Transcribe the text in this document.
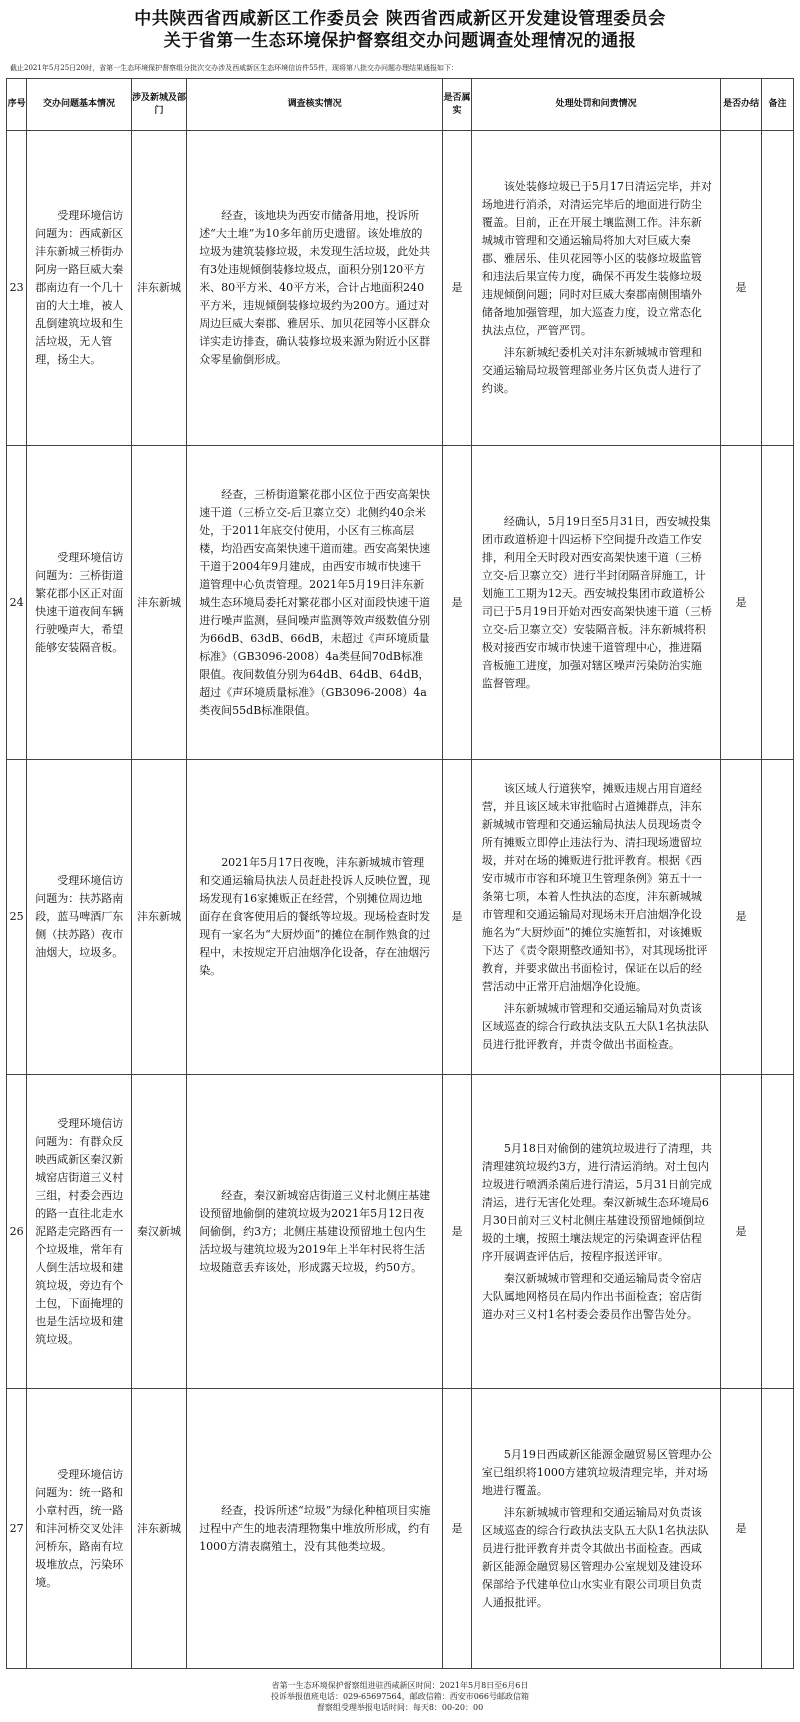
中共陕西省西咸新区工作委员会 陕西省西咸新区开发建设管理委员会
关于省第一生态环境保护督察组交办问题调查处理情况的通报
截止2021年5月25日20时，省第一生态环境保护督察组分批次交办涉及西咸新区生态环境信访件55件，现将第八批交办问题办理结果通报如下：
序号	交办问题基本情况	涉及新城及部门	调查核实情况	是否属实	处理处罚和问责情况	是否办结	备注
23	受理环境信访问题为：西咸新区沣东新城三桥街办阿房一路巨威大秦郡南边有一个几十亩的大土堆，被人乱倒建筑垃圾和生活垃圾，无人管理，扬尘大。	沣东新城	经查，该地块为西安市储备用地，投诉所述“大土堆”为10多年前历史遗留。该处堆放的垃圾为建筑装修垃圾，未发现生活垃圾，此处共有3处违规倾倒装修垃圾点，面积分别120平方米、80平方米、40平方米，合计占地面积240平方米，违规倾倒装修垃圾约为200方。通过对周边巨威大秦郡、雅居乐、加贝花园等小区群众详实走访排查，确认装修垃圾来源为附近小区群众零星偷倒形成。	是	该处装修垃圾已于5月17日清运完毕，并对场地进行消杀，对清运完毕后的地面进行防尘覆盖。目前，正在开展土壤监测工作。沣东新城城市管理和交通运输局将加大对巨威大秦郡、雅居乐、佳贝花园等小区的装修垃圾监管和违法后果宣传力度，确保不再发生装修垃圾违规倾倒问题；同时对巨威大秦郡南侧围墙外储备地加强管理，加大巡查力度，设立常态化执法点位，严管严罚。

沣东新城纪委机关对沣东新城城市管理和交通运输局垃圾管理部业务片区负责人进行了约谈。	是	
24	受理环境信访问题为：三桥街道繁花郡小区正对面快速干道夜间车辆行驶噪声大，希望能够安装隔音板。	沣东新城	经查，三桥街道繁花郡小区位于西安高架快速干道（三桥立交-后卫寨立交）北侧约40余米处，于2011年底交付使用，小区有三栋高层楼，均沿西安高架快速干道而建。西安高架快速干道于2004年9月建成，由西安市城市快速干道管理中心负责管理。2021年5月19日沣东新城生态环境局委托对繁花郡小区对面段快速干道进行噪声监测，昼间噪声监测等效声级数值分别为66dB、63dB、66dB，未超过《声环境质量标准》（GB3096-2008）4a类昼间70dB标准限值。夜间数值分别为64dB、64dB、64dB，超过《声环境质量标准》（GB3096-2008）4a类夜间55dB标准限值。	是	经确认，5月19日至5月31日，西安城投集团市政道桥迎十四运桥下空间提升改造工作安排，利用全天时段对西安高架快速干道（三桥立交-后卫寨立交）进行半封闭隔音屏施工，计划施工工期为12天。西安城投集团市政道桥公司已于5月19日开始对西安高架快速干道（三桥立交-后卫寨立交）安装隔音板。沣东新城将积极对接西安市城市快速干道管理中心，推进隔音板施工进度，加强对辖区噪声污染防治实施监督管理。	是	
25	受理环境信访问题为：扶苏路南段，蓝马啤酒厂东侧（扶苏路）夜市油烟大，垃圾多。	沣东新城	2021年5月17日夜晚，沣东新城城市管理和交通运输局执法人员赶赴投诉人反映位置，现场发现有16家摊贩正在经营，个别摊位周边地面存在食客使用后的餐纸等垃圾。现场检查时发现有一家名为“大厨炒面”的摊位在制作熟食的过程中，未按规定开启油烟净化设备，存在油烟污染。	是	该区域人行道狭窄，摊贩违规占用盲道经营，并且该区域未审批临时占道摊群点，沣东新城城市管理和交通运输局执法人员现场责令所有摊贩立即停止违法行为、清扫现场遗留垃圾，并对在场的摊贩进行批评教育。根据《西安市城市市容和环境卫生管理条例》第五十一条第七项，本着人性执法的态度，沣东新城城市管理和交通运输局对现场未开启油烟净化设施名为“大厨炒面”的摊位实施暂扣，对该摊贩下达了《责令限期整改通知书》，对其现场批评教育，并要求做出书面检讨，保证在以后的经营活动中正常开启油烟净化设施。

沣东新城城市管理和交通运输局对负责该区域巡查的综合行政执法支队五大队1名执法队员进行批评教育，并责令做出书面检查。	是	
26	受理环境信访问题为：有群众反映西咸新区秦汉新城窑店街道三义村三组，村委会西边的路一直往北走水泥路走完路西有一个垃圾堆，常年有人倒生活垃圾和建筑垃圾，旁边有个土包，下面掩埋的也是生活垃圾和建筑垃圾。	秦汉新城	经查，秦汉新城窑店街道三义村北侧庄基建设预留地偷倒的建筑垃圾为2021年5月12日夜间偷倒，约3方；北侧庄基建设预留地土包内生活垃圾与建筑垃圾为2019年上半年村民将生活垃圾随意丢弃该处，形成露天垃圾，约50方。	是	5月18日对偷倒的建筑垃圾进行了清理，共清理建筑垃圾约3方，进行清运消纳。对土包内垃圾进行喷洒杀菌后进行清运，5月31日前完成清运，进行无害化处理。秦汉新城生态环境局6月30日前对三义村北侧庄基建设预留地倾倒垃圾的土壤，按照土壤法规定的污染调查评估程序开展调查评估后，按程序报送评审。

秦汉新城城市管理和交通运输局责令窑店大队属地网格员在局内作出书面检查；窑店街道办对三义村1名村委会委员作出警告处分。	是	
27	受理环境信访问题为：统一路和小章村西，统一路和沣河桥交叉处沣河桥东，路南有垃圾堆放点，污染环境。	沣东新城	经查，投诉所述“垃圾”为绿化种植项目实施过程中产生的地表清理物集中堆放所形成，约有1000方清表腐殖土，没有其他类垃圾。	是	5月19日西咸新区能源金融贸易区管理办公室已组织将1000方建筑垃圾清理完毕，并对场地进行覆盖。

沣东新城城市管理和交通运输局对负责该区域巡查的综合行政执法支队五大队1名执法队员进行批评教育并责令其做出书面检查。西咸新区能源金融贸易区管理办公室规划及建设环保部给予代建单位山水实业有限公司项目负责人通报批评。	是	
省第一生态环境保护督察组进驻西咸新区时间：2021年5月8日至6月6日
投诉举报值班电话：029-65697564，邮政信箱：西安市066号邮政信箱
督察组受理举报电话时间：每天8：00-20：00
